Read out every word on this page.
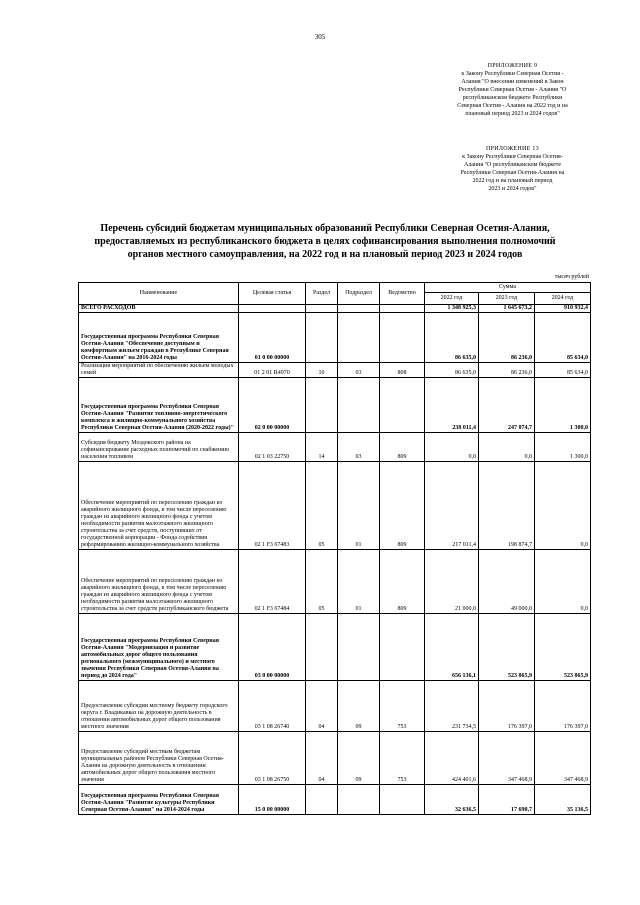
305
ПРИЛОЖЕНИЕ 9
к Закону Республики Северная Осетия -
Алания "О внесении изменений в Закон
Республики Северная Осетия - Алания "О
республиканском бюджете Республики
Северная Осетия - Алания на 2022 год и на
плановый период 2023 и 2024 годов"
ПРИЛОЖЕНИЕ 13
к Закону Республики Северная Осетия-
Алания "О республиканском бюджете
Республики Северная Осетия-Алания на
2022 год и на плановый период
2023 и 2024 годов"
Перечень субсидий бюджетам муниципальных образований Республики Северная Осетия-Алания,
предоставляемых из республиканского бюджета в целях софинансирования выполнения полномочий
органов местного самоуправления, на 2022 год и на плановый период 2023 и 2024 годов
тысяч рублей
Наименование	Целевая статья	Раздел	Подраздел	Ведомство	Сумма		
					2022 год	2023 год	2024 год
ВСЕГО РАСХОДОВ					1 348 925,3	1 645 673,2	910 932,4
Государственная программа Республики Северная Осетия-Алания "Обеспечение доступным и комфортным жильем граждан в Республике Северная Осетия-Алания" на 2016-2024 годы	01 0 00 00000				86 635,0	86 236,0	85 634,0
Реализация мероприятий по обеспечению жильем молодых семей	01 2 01 R4970	10	03	808	86 635,0	86 236,0	85 634,0
Государственная программа Республики Северная Осетия-Алания "Развитие топливно-энергетического комплекса и жилищно-коммунального хозяйства Республики Северная Осетия-Алания (2020-2022 годы)"	02 0 00 00000				238 011,4	247 874,7	1 300,0
Субсидия бюджету Моздокского района на софинансирование расходных полномочий по снабжению населения топливом	02 1 03 22750	14	03	809	0,0	0,0	1 300,0
Обеспечение мероприятий по переселению граждан из аварийного жилищного фонда, в том числе переселению граждан из аварийного жилищного фонда с учетом необходимости развития малоэтажного жилищного строительства за счет средств, поступивших от государственной корпорации - Фонда содействия реформированию жилищно-коммунального хозяйства	02 1 F3 67483	05	01	809	217 011,4	198 874,7	0,0
Обеспечение мероприятий по переселению граждан из аварийного жилищного фонда, в том числе переселению граждан из аварийного жилищного фонда с учетом необходимости развития малоэтажного жилищного строительства за счет средств республиканского бюджета	02 1 F3 67484	05	01	809	21 000,0	49 000,0	0,0
Государственная программа Республики Северная Осетия-Алания "Модернизация и развитие автомобильных дорог общего пользования регионального (межмуниципального) и местного значения Республики Северная Осетия-Алания на период до 2024 года"	03 0 00 00000				656 136,1	523 865,9	523 865,9
Предоставление субсидии местному бюджету городского округа г. Владикавказ на дорожную деятельность в отношении автомобильных дорог общего пользования местного значения	03 1 08 26740	04	09	753	231 734,5	176 397,0	176 397,0
Предоставление субсидий местным бюджетам муниципальных районов Республики Северная Осетия-Алания на дорожную деятельность в отношении автомобильных дорог общего пользования местного значения	03 1 08 26750	04	09	753	424 401,6	347 468,9	347 468,9
Государственная программа Республики Северная Осетия-Алания "Развитие культуры Республики Северная Осетия-Алания" на 2014-2024 годы	15 0 00 00000				32 636,5	17 690,7	35 136,5
